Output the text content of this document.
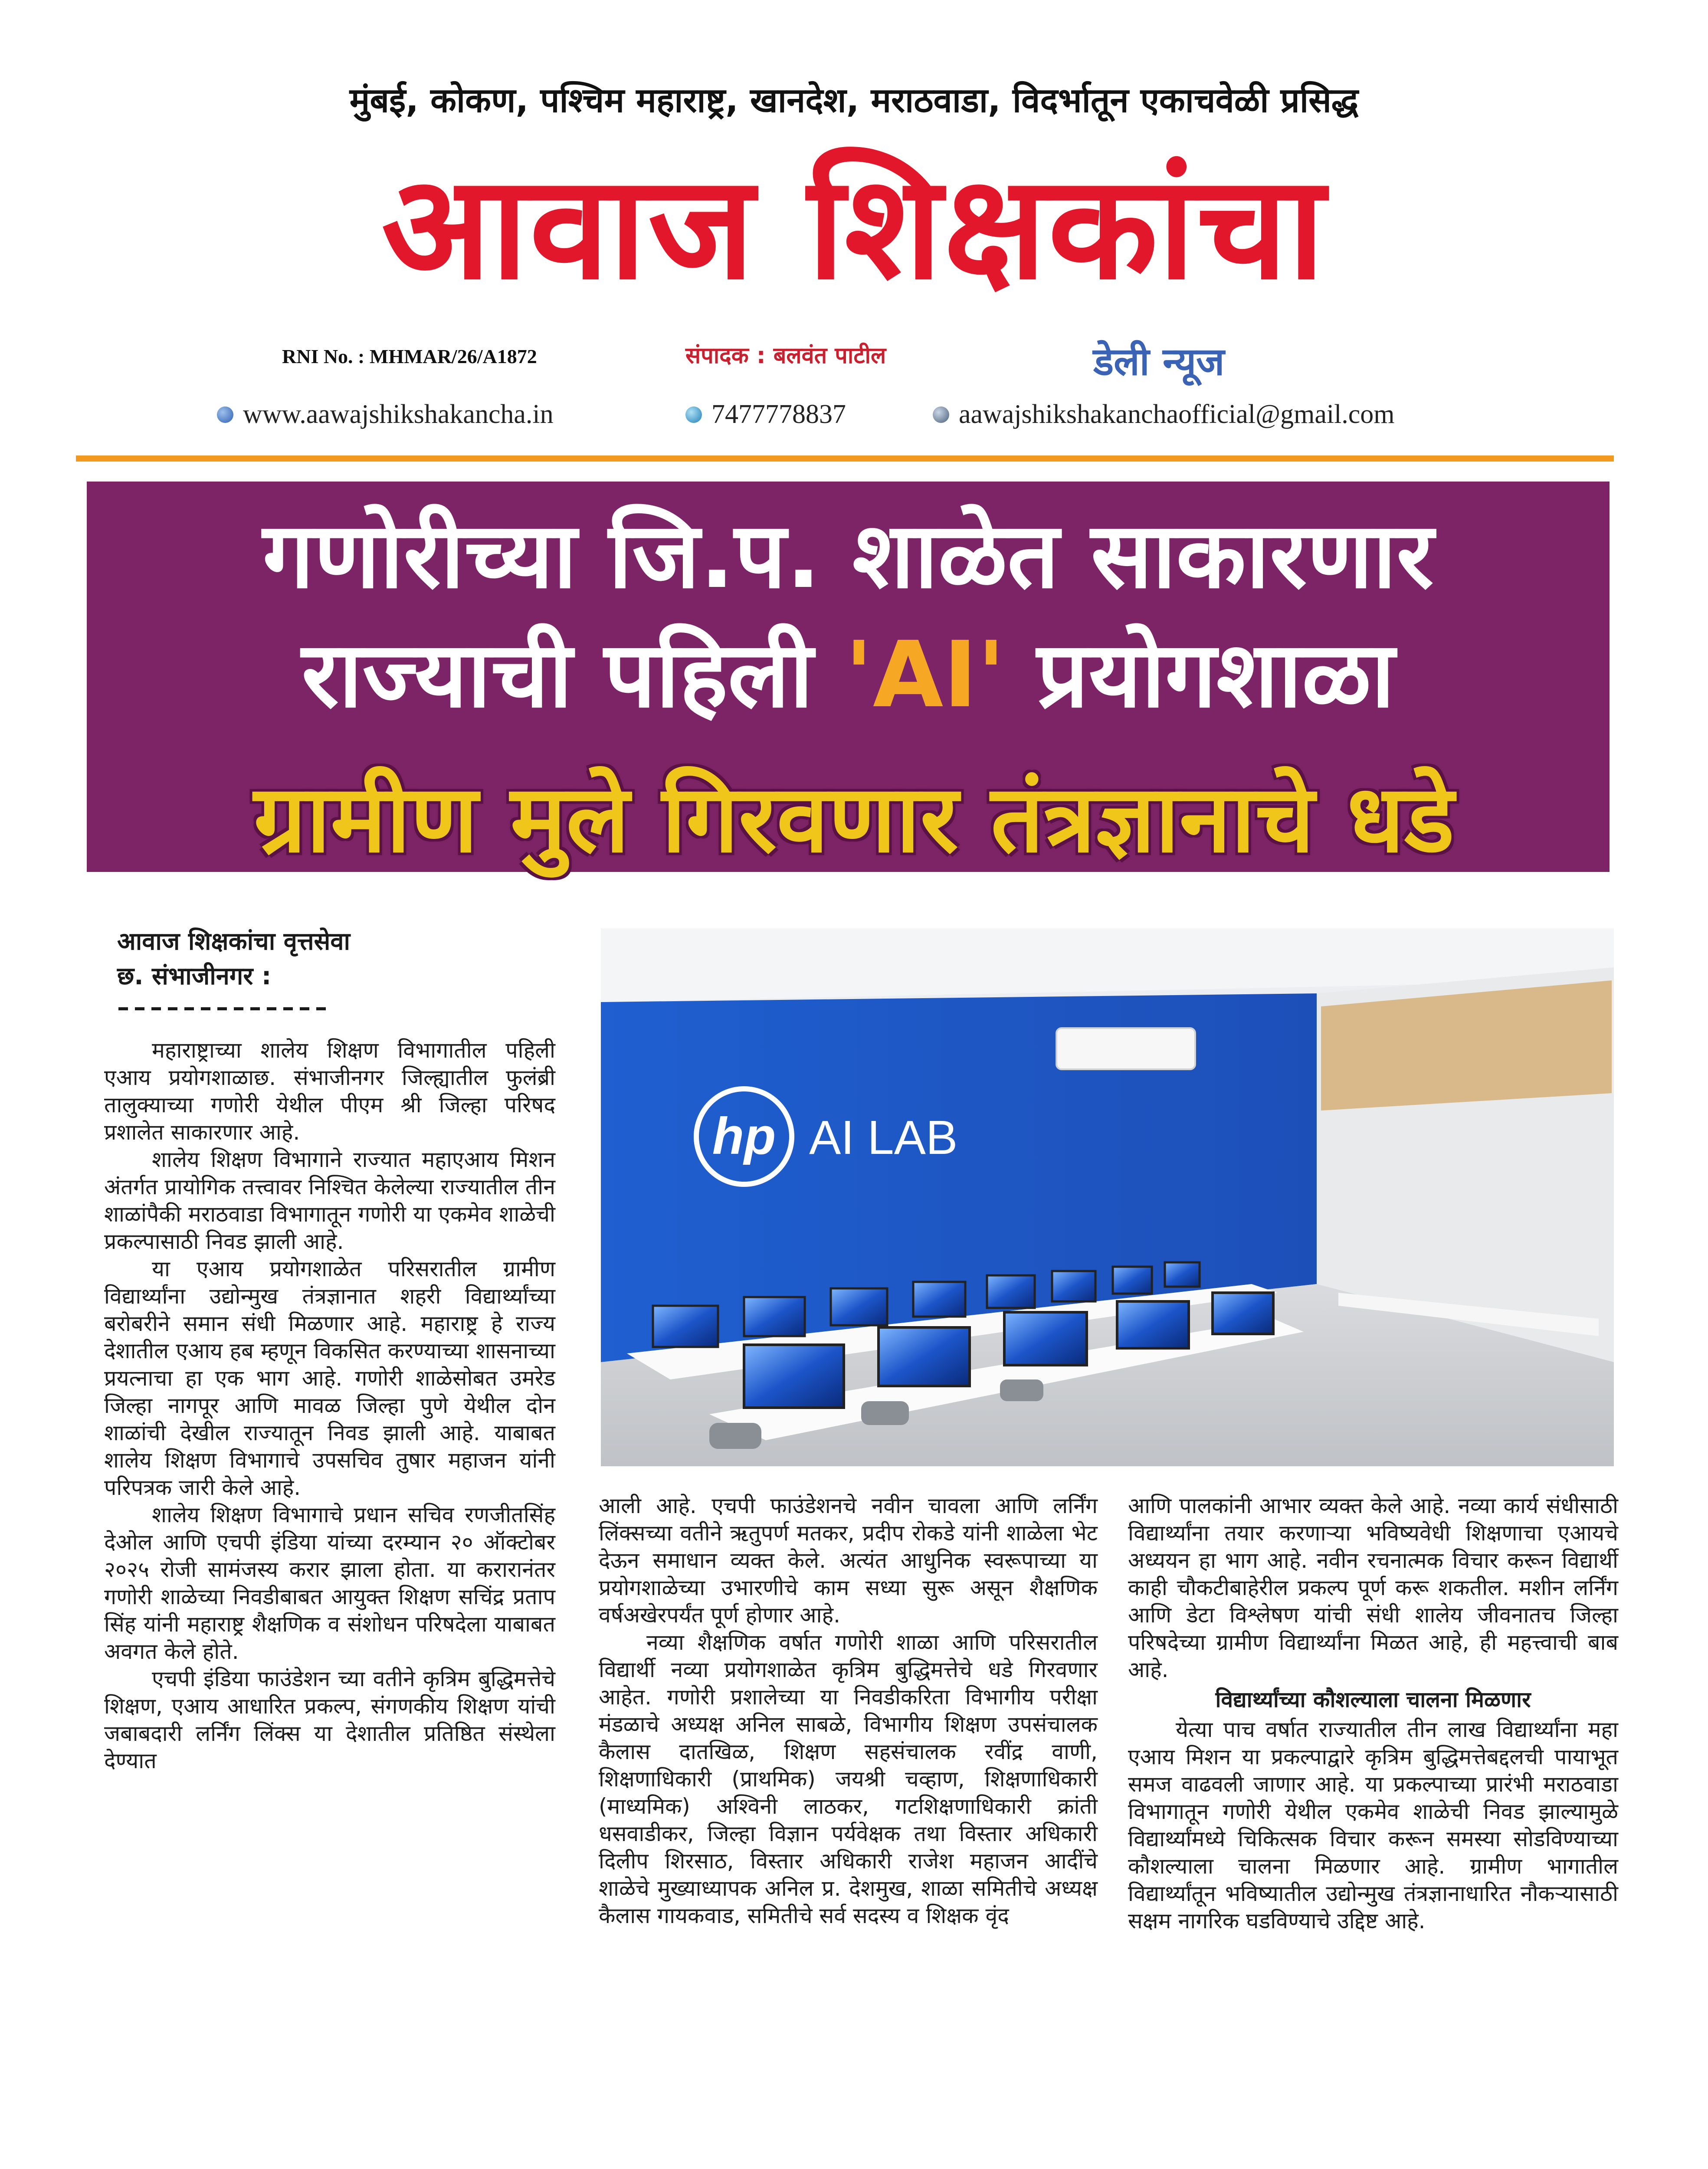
मुंबई, कोकण, पश्चिम महाराष्ट्र, खानदेश, मराठवाडा, विदर्भातून एकाचवेळी प्रसिद्ध
आवाज शिक्षकांचा
RNI No. : MHMAR/26/A1872	संपादक : बलवंत पाटील	डेली न्यूज
www.aawajshikshakancha.in	7477778837	aawajshikshakanchaofficial@gmail.com
गणोरीच्या जि.प. शाळेत साकारणार
राज्याची पहिली 'AI' प्रयोगशाळा
ग्रामीण मुले गिरवणार तंत्रज्ञानाचे धडे
आवाज शिक्षकांचा वृत्तसेवा
छ. संभाजीनगर :
–––––––––––––
hp AI LAB

महाराष्ट्राच्या शालेय शिक्षण विभागातील पहिली एआय प्रयोगशाळाछ. संभाजीनगर जिल्ह्यातील फुलंब्री तालुक्याच्या गणोरी येथील पीएम श्री जिल्हा परिषद प्रशालेत साकारणार आहे.

शालेय शिक्षण विभागाने राज्यात महाएआय मिशन अंतर्गत प्रायोगिक तत्त्वावर निश्चित केलेल्या राज्यातील तीन शाळांपैकी मराठवाडा विभागातून गणोरी या एकमेव शाळेची प्रकल्पासाठी निवड झाली आहे.

या एआय प्रयोगशाळेत परिसरातील ग्रामीण विद्यार्थ्यांना उद्योन्मुख तंत्रज्ञानात शहरी विद्यार्थ्यांच्या बरोबरीने समान संधी मिळणार आहे. महाराष्ट्र हे राज्य देशातील एआय हब म्हणून विकसित करण्याच्या शासनाच्या प्रयत्नाचा हा एक भाग आहे. गणोरी शाळेसोबत उमरेड जिल्हा नागपूर आणि मावळ जिल्हा पुणे येथील दोन शाळांची देखील राज्यातून निवड झाली आहे. याबाबत शालेय शिक्षण विभागाचे उपसचिव तुषार महाजन यांनी परिपत्रक जारी केले आहे.

शालेय शिक्षण विभागाचे प्रधान सचिव रणजीतसिंह देओल आणि एचपी इंडिया यांच्या दरम्यान २० ऑक्टोबर २०२५ रोजी सामंजस्य करार झाला होता. या करारानंतर गणोरी शाळेच्या निवडीबाबत आयुक्त शिक्षण सचिंद्र प्रताप सिंह यांनी महाराष्ट्र शैक्षणिक व संशोधन परिषदेला याबाबत अवगत केले होते.

एचपी इंडिया फाउंडेशन च्या वतीने कृत्रिम बुद्धिमत्तेचे शिक्षण, एआय आधारित प्रकल्प, संगणकीय शिक्षण यांची जबाबदारी लर्निंग लिंक्स या देशातील प्रतिष्ठित संस्थेला देण्यात

आली आहे. एचपी फाउंडेशनचे नवीन चावला आणि लर्निंग लिंक्सच्या वतीने ऋतुपर्ण मतकर, प्रदीप रोकडे यांनी शाळेला भेट देऊन समाधान व्यक्त केले. अत्यंत आधुनिक स्वरूपाच्या या प्रयोगशाळेच्या उभारणीचे काम सध्या सुरू असून शैक्षणिक वर्षअखेरपर्यंत पूर्ण होणार आहे.

नव्या शैक्षणिक वर्षात गणोरी शाळा आणि परिसरातील विद्यार्थी नव्या प्रयोगशाळेत कृत्रिम बुद्धिमत्तेचे धडे गिरवणार आहेत. गणोरी प्रशालेच्या या निवडीकरिता विभागीय परीक्षा मंडळाचे अध्यक्ष अनिल साबळे, विभागीय शिक्षण उपसंचालक कैलास दातखिळ, शिक्षण सहसंचालक रवींद्र वाणी, शिक्षणाधिकारी (प्राथमिक) जयश्री चव्हाण, शिक्षणाधिकारी (माध्यमिक) अश्विनी लाठकर, गटशिक्षणाधिकारी क्रांती धसवाडीकर, जिल्हा विज्ञान पर्यवेक्षक तथा विस्तार अधिकारी दिलीप शिरसाठ, विस्तार अधिकारी राजेश महाजन आदींचे शाळेचे मुख्याध्यापक अनिल प्र. देशमुख, शाळा समितीचे अध्यक्ष कैलास गायकवाड, समितीचे सर्व सदस्य व शिक्षक वृंद

आणि पालकांनी आभार व्यक्त केले आहे. नव्या कार्य संधीसाठी विद्यार्थ्यांना तयार करणाऱ्या भविष्यवेधी शिक्षणाचा एआयचे अध्ययन हा भाग आहे. नवीन रचनात्मक विचार करून विद्यार्थी काही चौकटीबाहेरील प्रकल्प पूर्ण करू शकतील. मशीन लर्निंग आणि डेटा विश्लेषण यांची संधी शालेय जीवनातच जिल्हा परिषदेच्या ग्रामीण विद्यार्थ्यांना मिळत आहे, ही महत्त्वाची बाब आहे.

विद्यार्थ्यांच्या कौशल्याला चालना मिळणार

येत्या पाच वर्षात राज्यातील तीन लाख विद्यार्थ्यांना महा एआय मिशन या प्रकल्पाद्वारे कृत्रिम बुद्धिमत्तेबद्दलची पायाभूत समज वाढवली जाणार आहे. या प्रकल्पाच्या प्रारंभी मराठवाडा विभागातून गणोरी येथील एकमेव शाळेची निवड झाल्यामुळे विद्यार्थ्यांमध्ये चिकित्सक विचार करून समस्या सोडविण्याच्या कौशल्याला चालना मिळणार आहे. ग्रामीण भागातील विद्यार्थ्यांतून भविष्यातील उद्योन्मुख तंत्रज्ञानाधारित नौकऱ्यासाठी सक्षम नागरिक घडविण्याचे उद्दिष्ट आहे.
